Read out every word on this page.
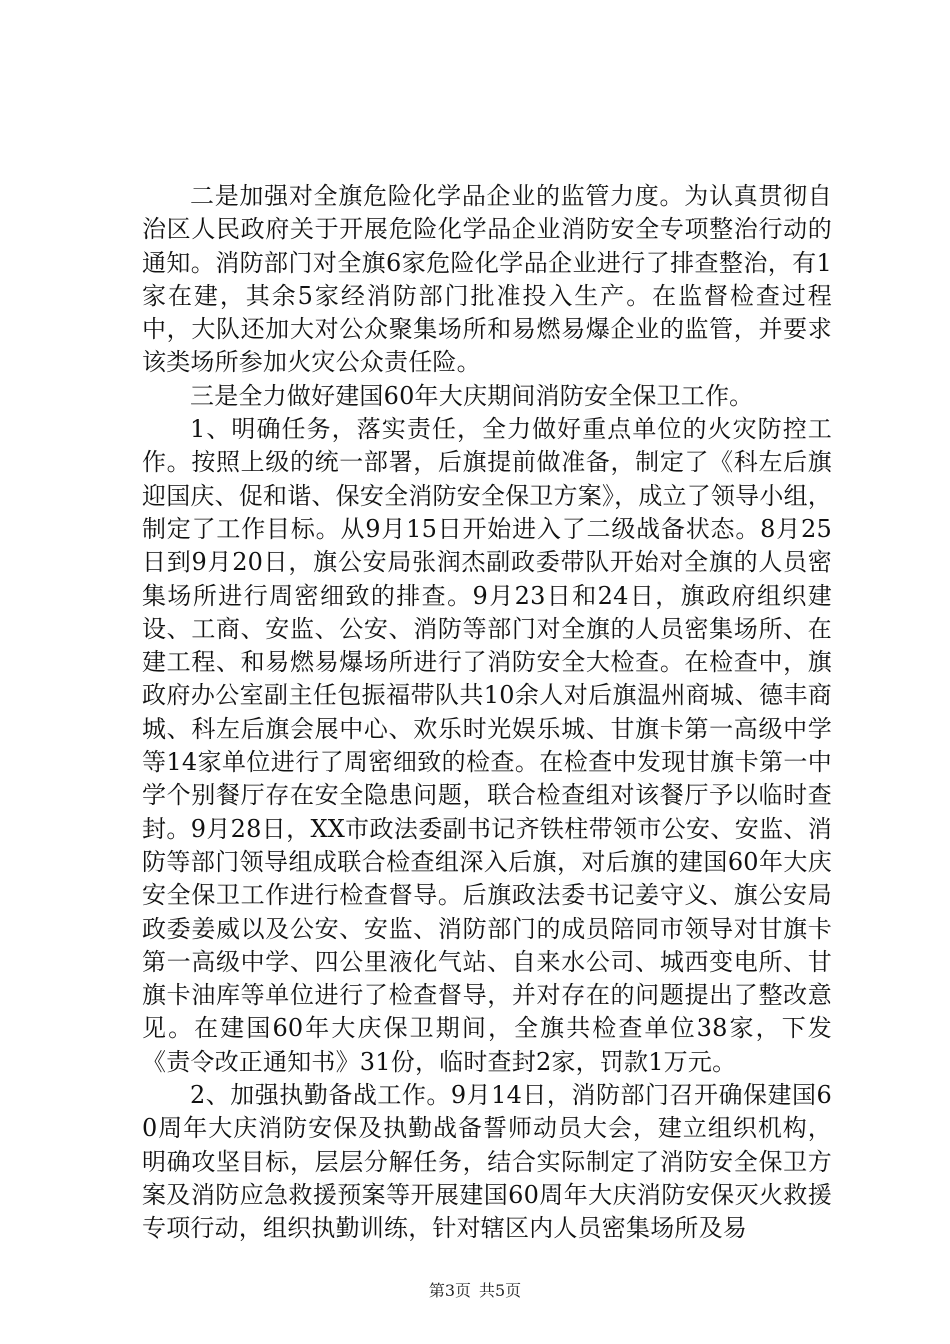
二是加强对全旗危险化学品企业的监管力度。为认真贯彻自治区人民政府关于开展危险化学品企业消防安全专项整治行动的通知。消防部门对全旗6家危险化学品企业进行了排查整治，有1家在建，其余5家经消防部门批准投入生产。在监督检查过程中，大队还加大对公众聚集场所和易燃易爆企业的监管，并要求该类场所参加火灾公众责任险。

三是全力做好建国60年大庆期间消防安全保卫工作。

1、明确任务，落实责任，全力做好重点单位的火灾防控工作。按照上级的统一部署，后旗提前做准备，制定了《科左后旗迎国庆、促和谐、保安全消防安全保卫方案》，成立了领导小组，制定了工作目标。从9月15日开始进入了二级战备状态。8月25日到9月20日，旗公安局张润杰副政委带队开始对全旗的人员密集场所进行周密细致的排查。9月23日和24日，旗政府组织建设、工商、安监、公安、消防等部门对全旗的人员密集场所、在建工程、和易燃易爆场所进行了消防安全大检查。在检查中，旗政府办公室副主任包振福带队共10余人对后旗温州商城、德丰商城、科左后旗会展中心、欢乐时光娱乐城、甘旗卡第一高级中学等14家单位进行了周密细致的检查。在检查中发现甘旗卡第一中学个别餐厅存在安全隐患问题，联合检查组对该餐厅予以临时查封。9月28日，XX市政法委副书记齐铁柱带领市公安、安监、消防等部门领导组成联合检查组深入后旗，对后旗的建国60年大庆安全保卫工作进行检查督导。后旗政法委书记姜守义、旗公安局政委姜威以及公安、安监、消防部门的成员陪同市领导对甘旗卡第一高级中学、四公里液化气站、自来水公司、城西变电所、甘旗卡油库等单位进行了检查督导，并对存在的问题提出了整改意见。在建国60年大庆保卫期间，全旗共检查单位38家，下发《责令改正通知书》31份，临时查封2家，罚款1万元。

2、加强执勤备战工作。9月14日，消防部门召开确保建国60周年大庆消防安保及执勤战备誓师动员大会，建立组织机构，明确攻坚目标，层层分解任务，结合实际制定了消防安全保卫方案及消防应急救援预案等开展建国60周年大庆消防安保灭火救援专项行动，组织执勤训练，针对辖区内人员密集场所及易

第3页 共5页
